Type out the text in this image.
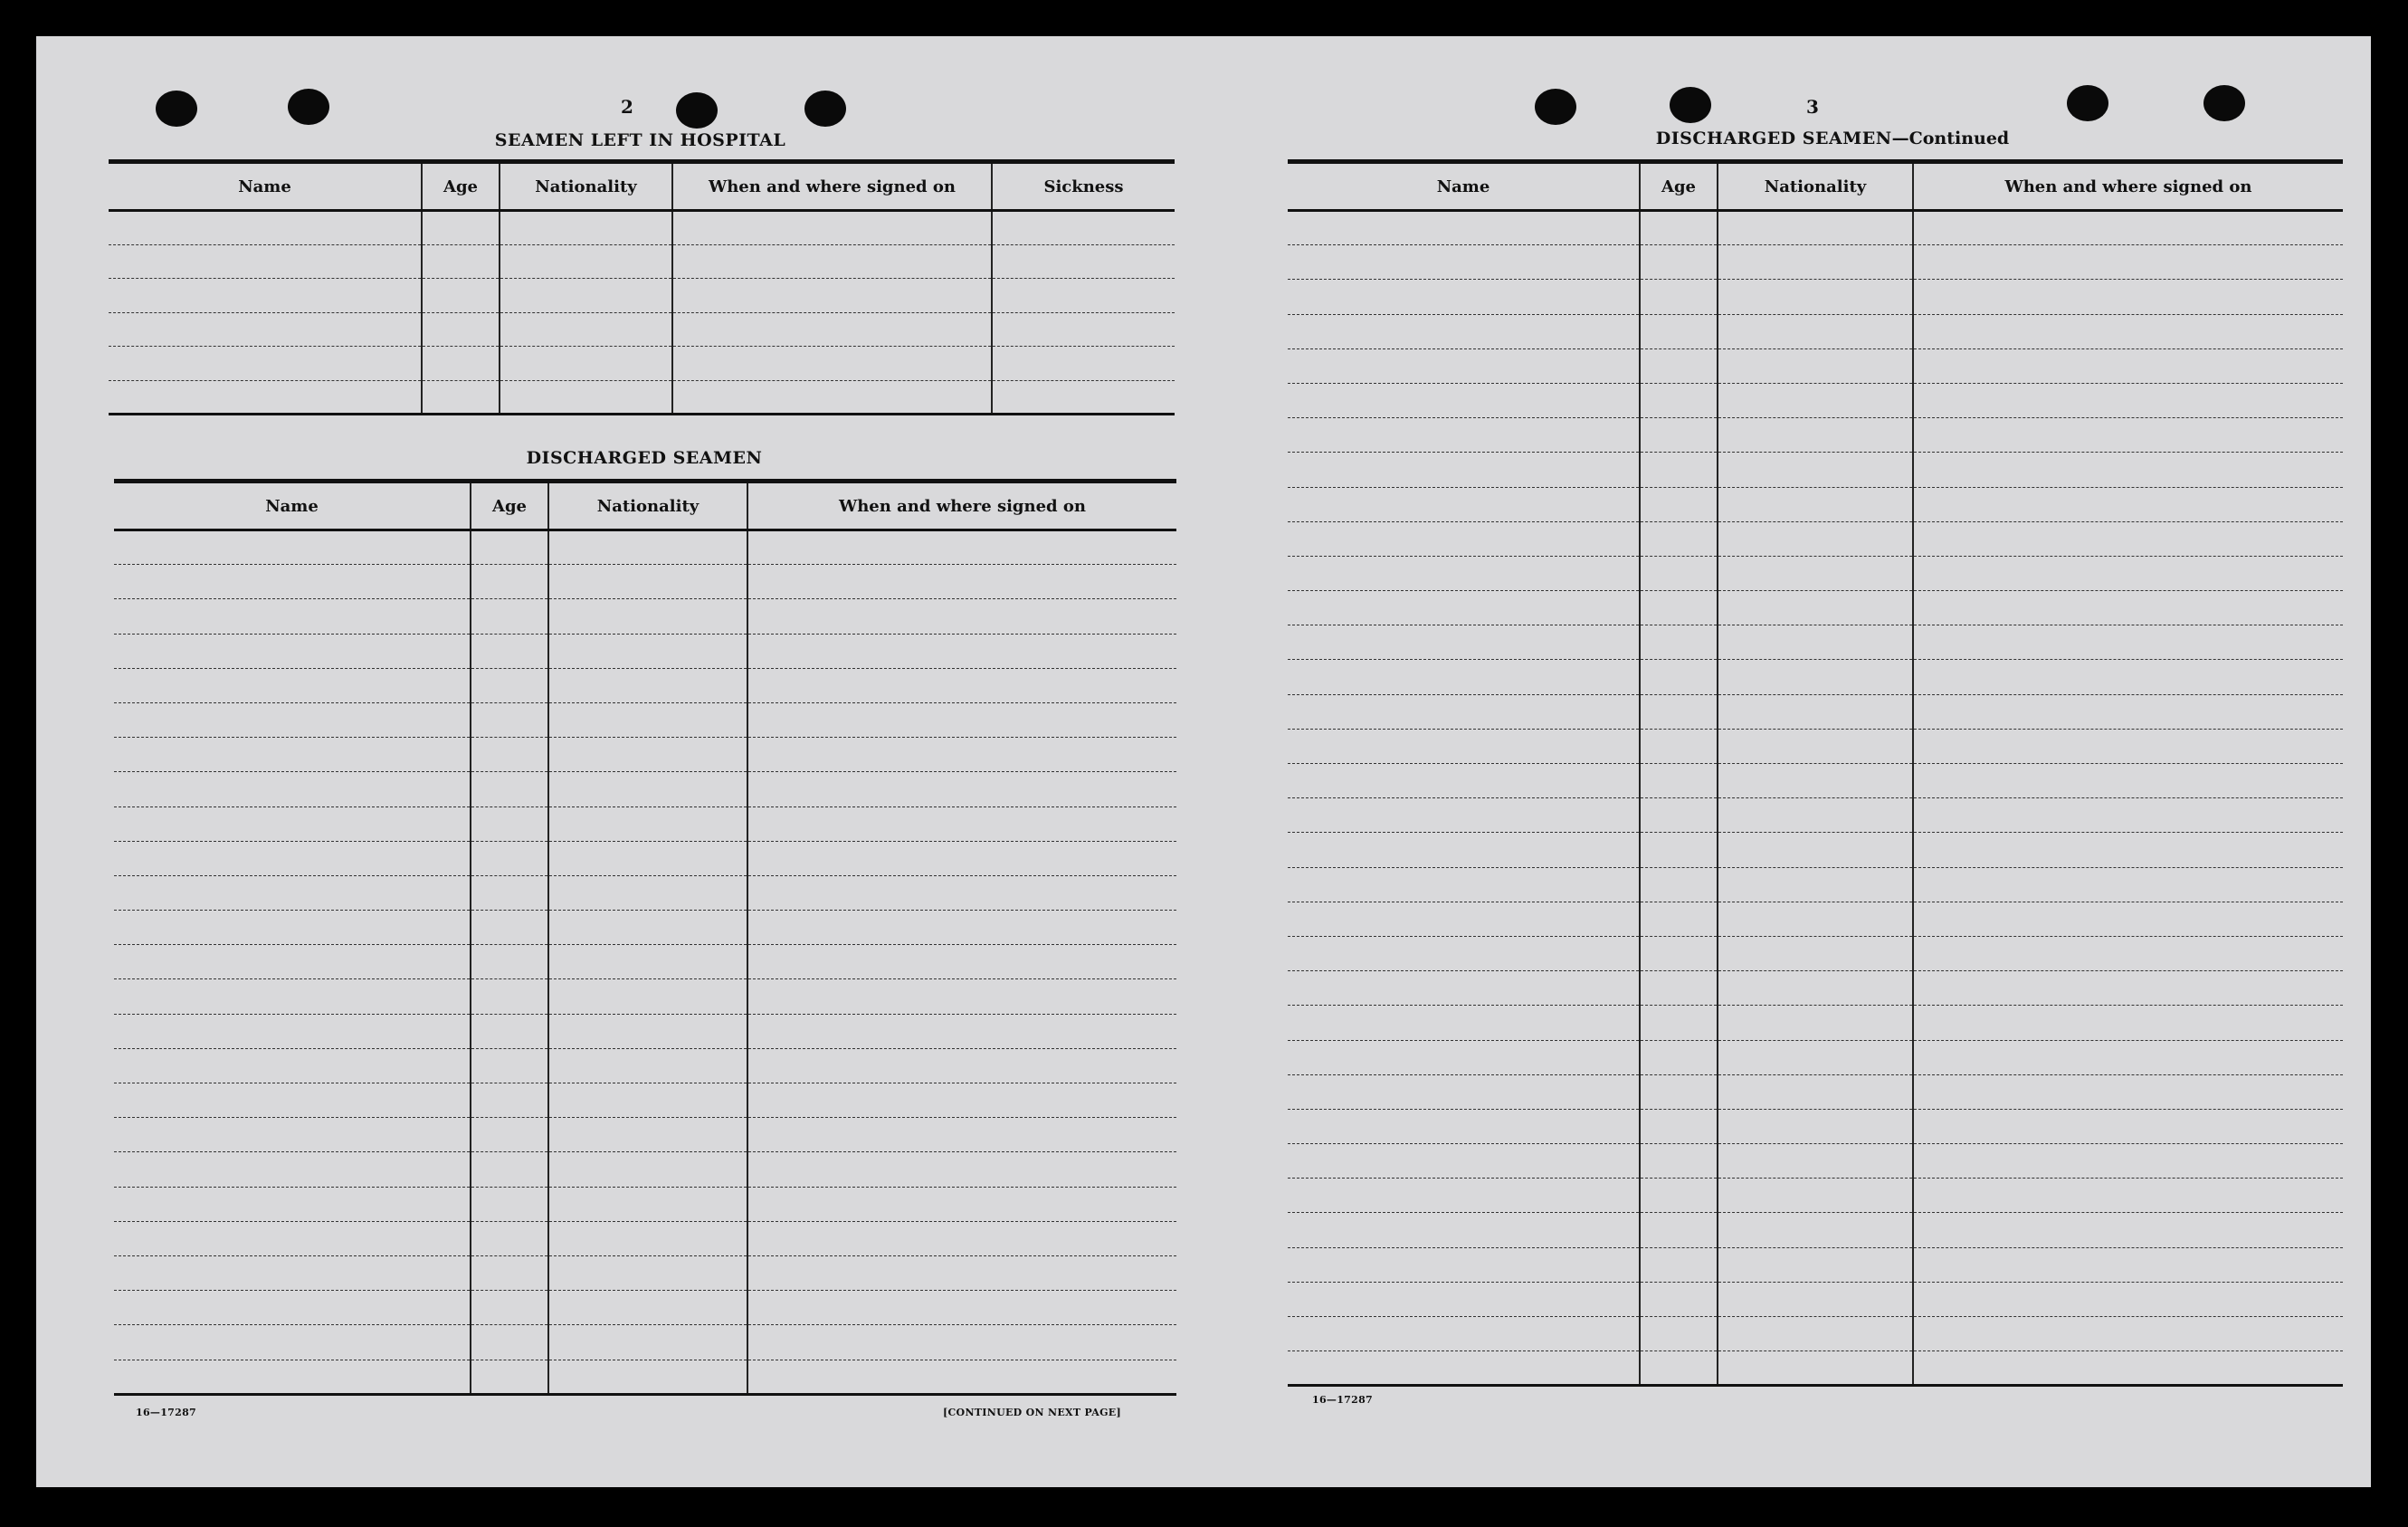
2
SEAMEN LEFT IN HOSPITAL
Name	Age	Nationality	When and where signed on	Sickness

DISCHARGED SEAMEN
Name	Age	Nationality	When and where signed on

16—17287	[CONTINUED ON NEXT PAGE]
3
DISCHARGED SEAMEN—Continued
Name	Age	Nationality	When and where signed on

16—17287
